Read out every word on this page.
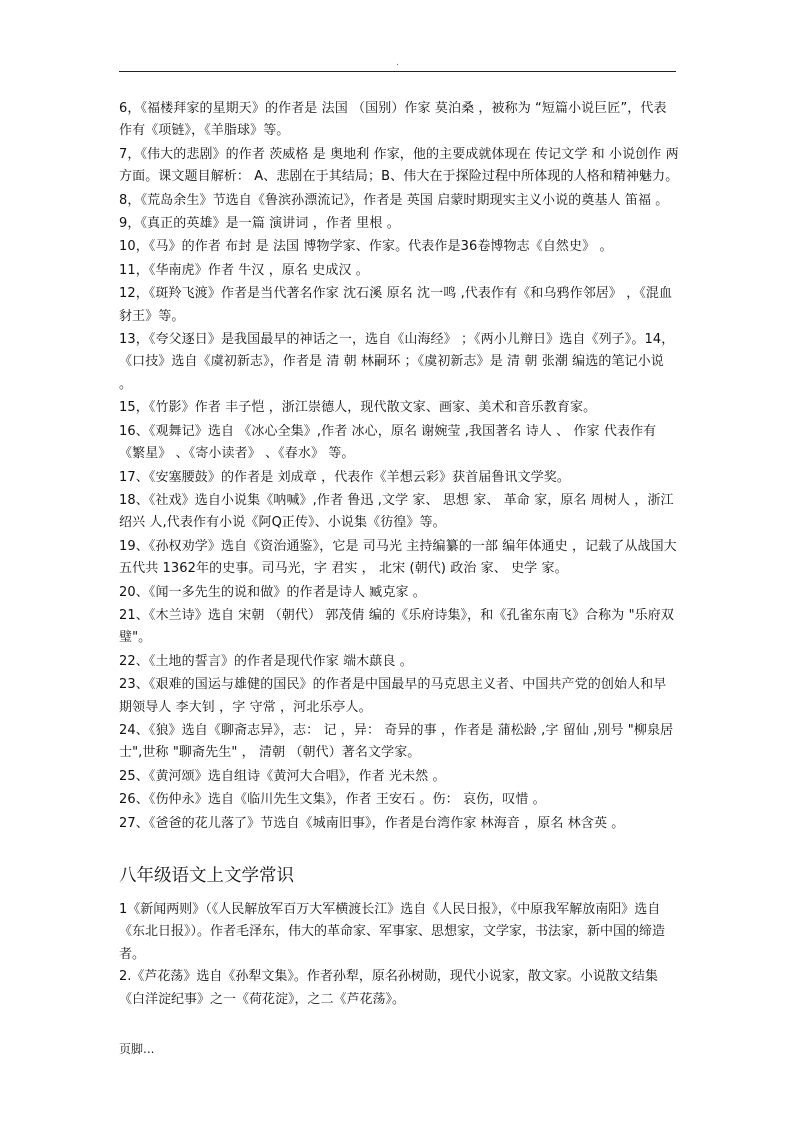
.

6，《福楼拜家的星期天》的作者是 法国 （国别）作家 莫泊桑 ，被称为 “短篇小说巨匠”，代表作有《项链》，《羊脂球》等。

7，《伟大的悲剧》的作者 茨威格 是 奥地利 作家，他的主要成就体现在 传记文学 和 小说创作 两方面。课文题目解析： A、悲剧在于其结局；B、伟大在于探险过程中所体现的人格和精神魅力。

8，《荒岛余生》节选自《鲁滨孙漂流记》，作者是 英国 启蒙时期现实主义小说的奠基人 笛福 。

9，《真正的英雄》是一篇 演讲词 ，作者 里根 。

10，《马》的作者 布封 是 法国 博物学家、作家。代表作是36卷博物志《自然史》 。

11，《华南虎》作者 牛汉 ，原名 史成汉 。

12，《斑羚飞渡》作者是当代著名作家 沈石溪 原名 沈一鸣 ,代表作有《和乌鸦作邻居》 ，《混血豺王》等。

13，《夸父逐日》是我国最早的神话之一，选自《山海经》 ；《两小儿辩日》选自《列子》。14，《口技》选自《虞初新志》，作者是 清 朝 林嗣环 ；《虞初新志》是 清 朝 张潮 编选的笔记小说 。

15，《竹影》作者 丰子恺 ，浙江崇德人，现代散文家、画家、美术和音乐教育家。

16、《观舞记》选自 《冰心全集》,作者 冰心，原名 谢婉莹 ,我国著名 诗人 、 作家 代表作有《繁星》 、《寄小读者》 、《春水》 等。

17、《安塞腰鼓》的作者是 刘成章 ，代表作《羊想云彩》获首届鲁讯文学奖。

18、《社戏》选自小说集《呐喊》,作者 鲁迅 ,文学 家、 思想 家、 革命 家，原名 周树人 ，浙江绍兴 人,代表作有小说《阿Q正传》、小说集《彷徨》等。

19、《孙权劝学》选自《资治通鉴》，它是 司马光 主持编纂的一部 编年体通史 ，记载了从战国大五代共 1362年的史事。司马光，字 君实 ， 北宋 (朝代) 政治 家、 史学 家。

20、《闻一多先生的说和做》的作者是诗人 臧克家 。

21、《木兰诗》选自 宋朝 （朝代） 郭茂倩 编的《乐府诗集》，和《孔雀东南飞》合称为 "乐府双璧"。

22、《土地的誓言》的作者是现代作家 端木蕻良 。

23、《艰难的国运与雄健的国民》的作者是中国最早的马克思主义者、中国共产党的创始人和早期领导人 李大钊 ，字 守常 ，河北乐亭人。

24、《狼》选自《聊斋志异》，志： 记 ，异： 奇异的事 ，作者是 蒲松龄 ,字 留仙 ,别号 "柳泉居士",世称 "聊斋先生" ， 清朝 （朝代）著名文学家。

25、《黄河颂》选自组诗《黄河大合唱》，作者 光未然 。

26、《伤仲永》选自《临川先生文集》，作者 王安石 。伤： 哀伤，叹惜 。

27、《爸爸的花儿落了》节选自《城南旧事》，作者是台湾作家 林海音 ，原名 林含英 。

八年级语文上文学常识

1《新闻两则》（《人民解放军百万大军横渡长江》选自《人民日报》，《中原我军解放南阳》选自《东北日报》）。作者毛泽东，伟大的革命家、军事家、思想家，文学家，书法家，新中国的缔造者。

2.《芦花荡》选自《孙犁文集》。作者孙犁，原名孙树勋，现代小说家，散文家。小说散文结集《白洋淀纪事》之一《荷花淀》，之二《芦花荡》。

页脚...
